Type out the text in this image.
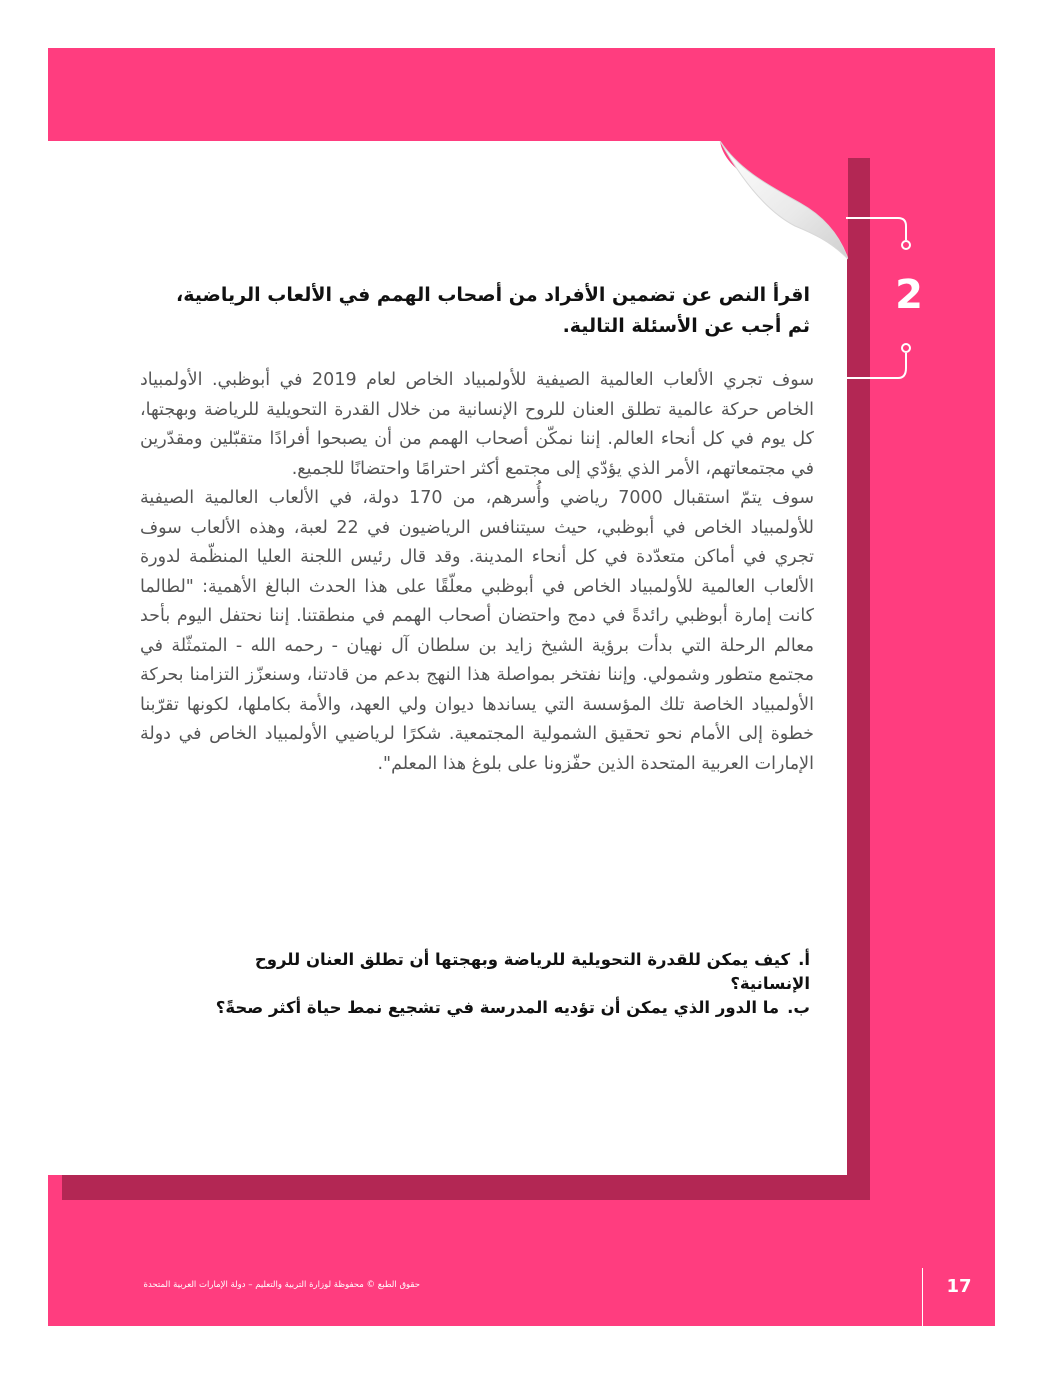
2
اقرأ النص عن تضمين الأفراد من أصحاب الهمم في الألعاب الرياضية، ثم أجب عن الأسئلة التالية.

سوف تجري الألعاب العالمية الصيفية للأولمبياد الخاص لعام 2019 في أبوظبي. الأولمبياد الخاص حركة عالمية تطلق العنان للروح الإنسانية من خلال القدرة التحويلية للرياضة وبهجتها، كل يوم في كل أنحاء العالم. إننا نمكّن أصحاب الهمم من أن يصبحوا أفرادًا متقبّلين ومقدّرين في مجتمعاتهم، الأمر الذي يؤدّي إلى مجتمع أكثر احترامًا واحتضانًا للجميع.

سوف يتمّ استقبال 7000 رياضي وأُسرهم، من 170 دولة، في الألعاب العالمية الصيفية للأولمبياد الخاص في أبوظبي، حيث سيتنافس الرياضيون في 22 لعبة، وهذه الألعاب سوف تجري في أماكن متعدّدة في كل أنحاء المدينة. وقد قال رئيس اللجنة العليا المنظّمة لدورة الألعاب العالمية للأولمبياد الخاص في أبوظبي معلّقًا على هذا الحدث البالغ الأهمية: "لطالما كانت إمارة أبوظبي رائدةً في دمج واحتضان أصحاب الهمم في منطقتنا. إننا نحتفل اليوم بأحد معالم الرحلة التي بدأت برؤية الشيخ زايد بن سلطان آل نهيان - رحمه الله - المتمثّلة في مجتمع متطور وشمولي. وإننا نفتخر بمواصلة هذا النهج بدعم من قادتنا، وسنعزّز التزامنا بحركة الأولمبياد الخاصة تلك المؤسسة التي يساندها ديوان ولي العهد، والأمة بكاملها، لكونها تقرّبنا خطوة إلى الأمام نحو تحقيق الشمولية المجتمعية. شكرًا لرياضيي الأولمبياد الخاص في دولة الإمارات العربية المتحدة الذين حفّزونا على بلوغ هذا المعلم".

أ.كيف يمكن للقدرة التحويلية للرياضة وبهجتها أن تطلق العنان للروح الإنسانية؟
ب.ما الدور الذي يمكن أن تؤديه المدرسة في تشجيع نمط حياة أكثر صحةً؟
حقوق الطبع © محفوظة لوزارة التربية والتعليم – دولة الإمارات العربية المتحدة	17
